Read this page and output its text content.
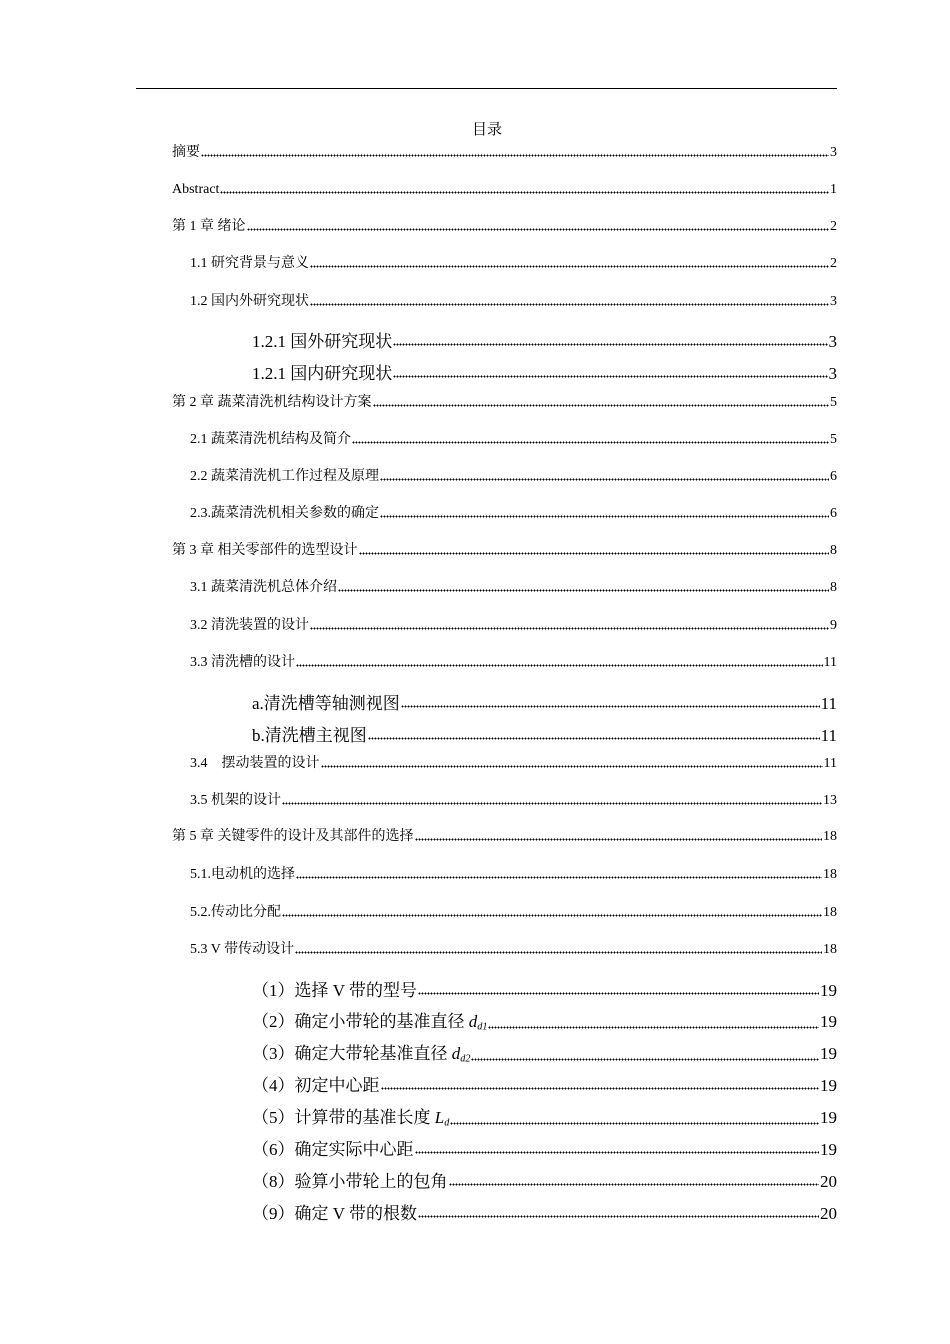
目录
摘要	3
Abstract	1
第 1 章 绪论	2
1.1 研究背景与意义	2
1.2 国内外研究现状	3
1.2.1 国外研究现状	3
1.2.1 国内研究现状	3
第 2 章 蔬菜清洗机结构设计方案	5
2.1 蔬菜清洗机结构及简介	5
2.2 蔬菜清洗机工作过程及原理	6
2.3.蔬菜清洗机相关参数的确定	6
第 3 章 相关零部件的选型设计	8
3.1 蔬菜清洗机总体介绍	8
3.2 清洗装置的设计	9
3.3 清洗槽的设计	11
a.清洗槽等轴测视图	11
b.清洗槽主视图	11
3.4    摆动装置的设计	11
3.5 机架的设计	13
第 5 章 关键零件的设计及其部件的选择	18
5.1.电动机的选择	18
5.2.传动比分配	18
5.3 V 带传动设计	18
（1）选择 V 带的型号	19
（2）确定小带轮的基准直径 $d_{d1}$	19
（3）确定大带轮基准直径 $d_{d2}$	19
（4）初定中心距	19
（5）计算带的基准长度 $L_d$	19
（6）确定实际中心距	19
（8）验算小带轮上的包角	20
（9）确定 V 带的根数	20
